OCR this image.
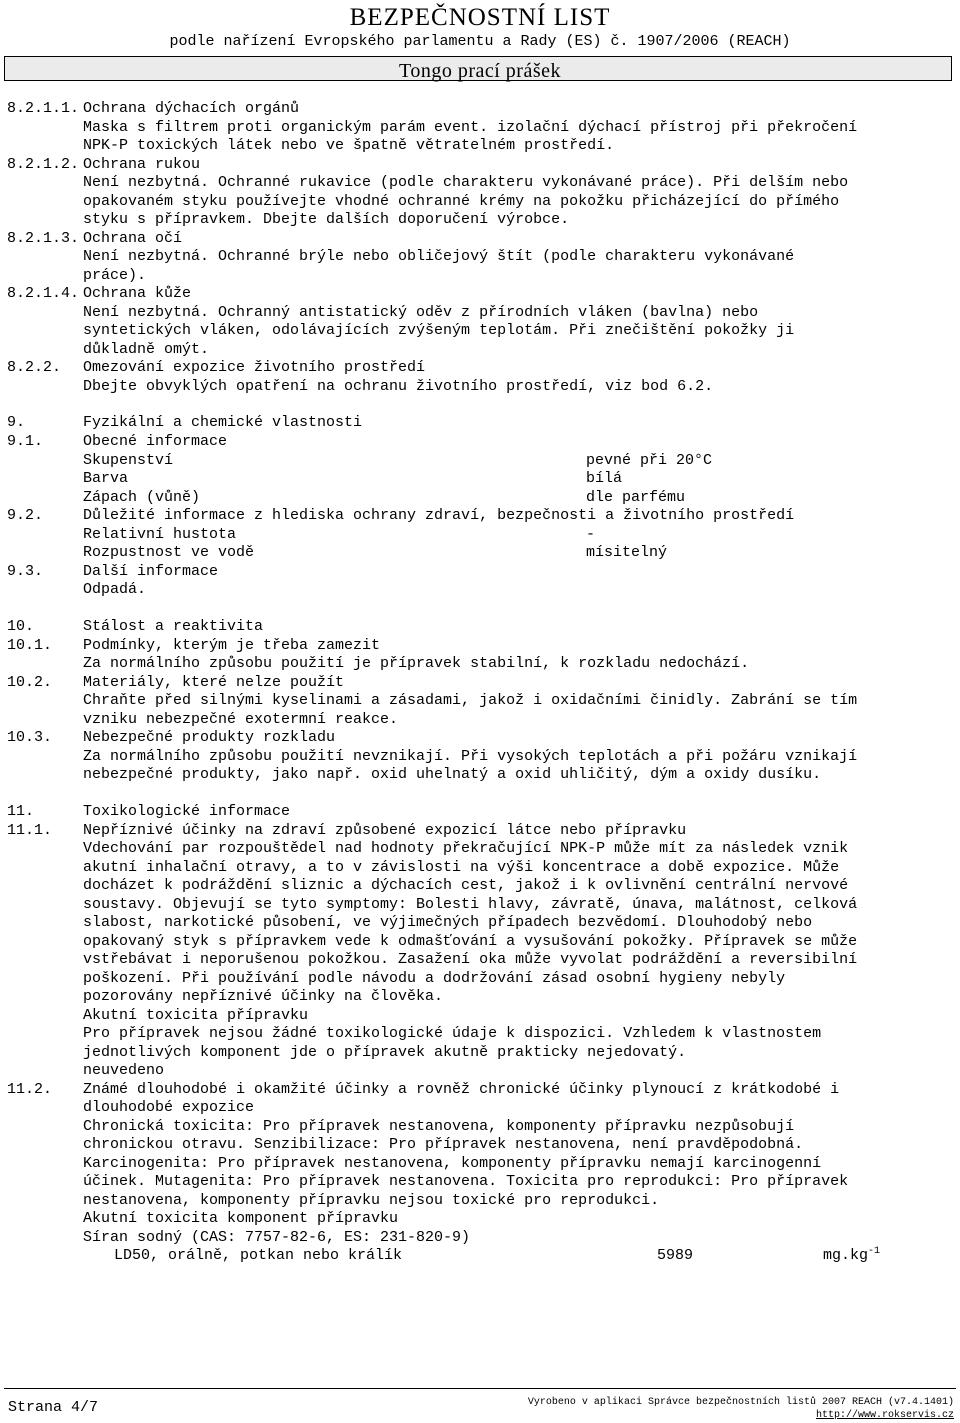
BEZPEČNOSTNÍ LIST
podle nařízení Evropského parlamentu a Rady (ES) č. 1907/2006 (REACH)
Tongo prací prášek
8.2.1.1. Ochrana dýchacích orgánů
Maska s filtrem proti organickým parám event. izolační dýchací přístroj při překročení
NPK-P toxických látek nebo ve špatně větratelném prostředí.
8.2.1.2. Ochrana rukou
Není nezbytná. Ochranné rukavice (podle charakteru vykonávané práce). Při delším nebo
opakovaném styku používejte vhodné ochranné krémy na pokožku přicházející do přímého
styku s přípravkem. Dbejte dalších doporučení výrobce.
8.2.1.3. Ochrana očí
Není nezbytná. Ochranné brýle nebo obličejový štít (podle charakteru vykonávané
práce).
8.2.1.4. Ochrana kůže
Není nezbytná. Ochranný antistatický oděv z přírodních vláken (bavlna) nebo
syntetických vláken, odolávajících zvýšeným teplotám. Při znečištění pokožky ji
důkladně omýt.
8.2.2. Omezování expozice životního prostředí
Dbejte obvyklých opatření na ochranu životního prostředí, viz bod 6.2.
9.	Fyzikální a chemické vlastnosti
9.1.	Obecné informace
Skupenství	pevné při 20°C
Barva	bílá
Zápach (vůně)	dle parfému
9.2.	Důležité informace z hlediska ochrany zdraví, bezpečnosti a životního prostředí
Relativní hustota	-
Rozpustnost ve vodě	mísitelný
9.3.	Další informace
Odpadá.
10.	Stálost a reaktivita
10.1. Podmínky, kterým je třeba zamezit
Za normálního způsobu použití je přípravek stabilní, k rozkladu nedochází.
10.2. Materiály, které nelze použít
Chraňte před silnými kyselinami a zásadami, jakož i oxidačními činidly. Zabrání se tím
vzniku nebezpečné exotermní reakce.
10.3. Nebezpečné produkty rozkladu
Za normálního způsobu použití nevznikají. Při vysokých teplotách a při požáru vznikají
nebezpečné produkty, jako např. oxid uhelnatý a oxid uhličitý, dým a oxidy dusíku.
11.	Toxikologické informace
11.1. Nepříznivé účinky na zdraví způsobené expozicí látce nebo přípravku
Vdechování par rozpouštědel nad hodnoty překračující NPK-P může mít za následek vznik
akutní inhalační otravy, a to v závislosti na výši koncentrace a době expozice. Může
docházet k podráždění sliznic a dýchacích cest, jakož i k ovlivnění centrální nervové
soustavy. Objevují se tyto symptomy: Bolesti hlavy, závratě, únava, malátnost, celková
slabost, narkotické působení, ve výjimečných případech bezvědomí. Dlouhodobý nebo
opakovaný styk s přípravkem vede k odmašťování a vysušování pokožky. Přípravek se může
vstřebávat i neporušenou pokožkou. Zasažení oka může vyvolat podráždění a reversibilní
poškození. Při používání podle návodu a dodržování zásad osobní hygieny nebyly
pozorovány nepříznivé účinky na člověka.
Akutní toxicita přípravku
Pro přípravek nejsou žádné toxikologické údaje k dispozici. Vzhledem k vlastnostem
jednotlivých komponent jde o přípravek akutně prakticky nejedovatý.
neuvedeno
11.2. Známé dlouhodobé i okamžité účinky a rovněž chronické účinky plynoucí z krátkodobé i
dlouhodobé expozice
Chronická toxicita: Pro přípravek nestanovena, komponenty přípravku nezpůsobují
chronickou otravu. Senzibilizace: Pro přípravek nestanovena, není pravděpodobná.
Karcinogenita: Pro přípravek nestanovena, komponenty přípravku nemají karcinogenní
účinek. Mutagenita: Pro přípravek nestanovena. Toxicita pro reprodukci: Pro přípravek
nestanovena, komponenty přípravku nejsou toxické pro reprodukci.
Akutní toxicita komponent přípravku
Síran sodný (CAS: 7757-82-6, ES: 231-820-9)
LD50, orálně, potkan nebo králík	5989	$mg.kg^{-1}$
Strana 4/7	Vyrobeno v aplikaci Správce bezpečnostních listů 2007 REACH (v7.4.1401)
http://www.rokservis.cz
